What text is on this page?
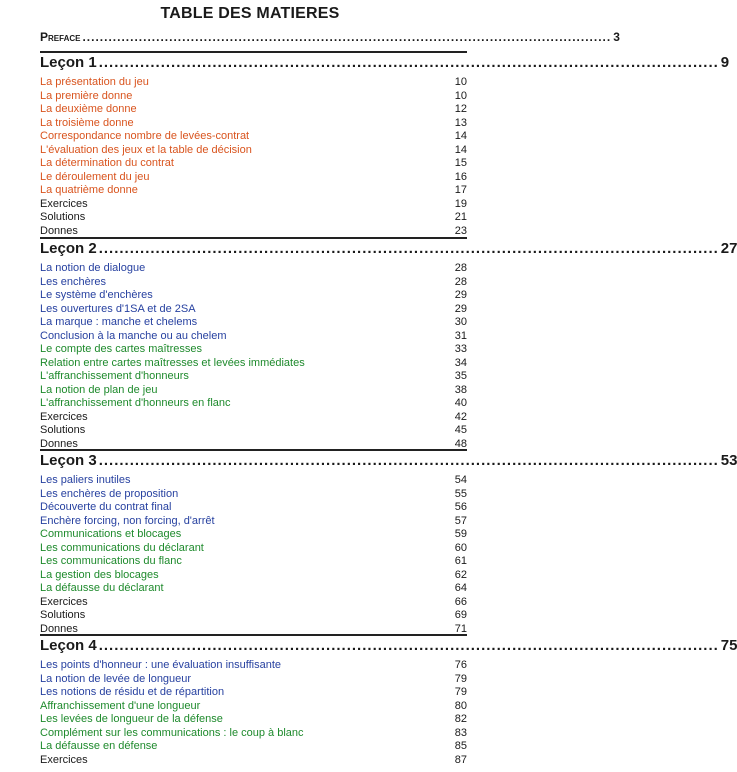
TABLE DES MATIERES
Preface .......................................................................................................................... 3
Leçon 1 ........................................................................................................................ 9
La présentation du jeu	10
La première donne	10
La deuxième donne	12
La troisième donne	13
Correspondance nombre de levées-contrat	14
L'évaluation des jeux et la table de décision	14
La détermination du contrat	15
Le déroulement du jeu	16
La quatrième donne	17
Exercices	19
Solutions	21
Donnes	23
Leçon 2 ........................................................................................................................ 27
La notion de dialogue	28
Les enchères	28
Le système d'enchères	29
Les ouvertures d'1SA et de 2SA	29
La marque : manche et chelems	30
Conclusion à la manche ou au chelem	31
Le compte des cartes maîtresses	33
Relation entre cartes maîtresses et levées immédiates	34
L'affranchissement d'honneurs	35
La notion de plan de jeu	38
L'affranchissement d'honneurs en flanc	40
Exercices	42
Solutions	45
Donnes	48
Leçon 3 ........................................................................................................................ 53
Les paliers inutiles	54
Les enchères de proposition	55
Découverte du contrat final	56
Enchère forcing, non forcing, d'arrêt	57
Communications et blocages	59
Les communications du déclarant	60
Les communications du flanc	61
La gestion des blocages	62
La défausse du déclarant	64
Exercices	66
Solutions	69
Donnes	71
Leçon 4 ........................................................................................................................ 75
Les points d'honneur : une évaluation insuffisante	76
La notion de levée de longueur	79
Les notions de résidu et de répartition	79
Affranchissement d'une longueur	80
Les levées de longueur de la défense	82
Complément sur les communications : le coup à blanc	83
La défausse en défense	85
Exercices	87
